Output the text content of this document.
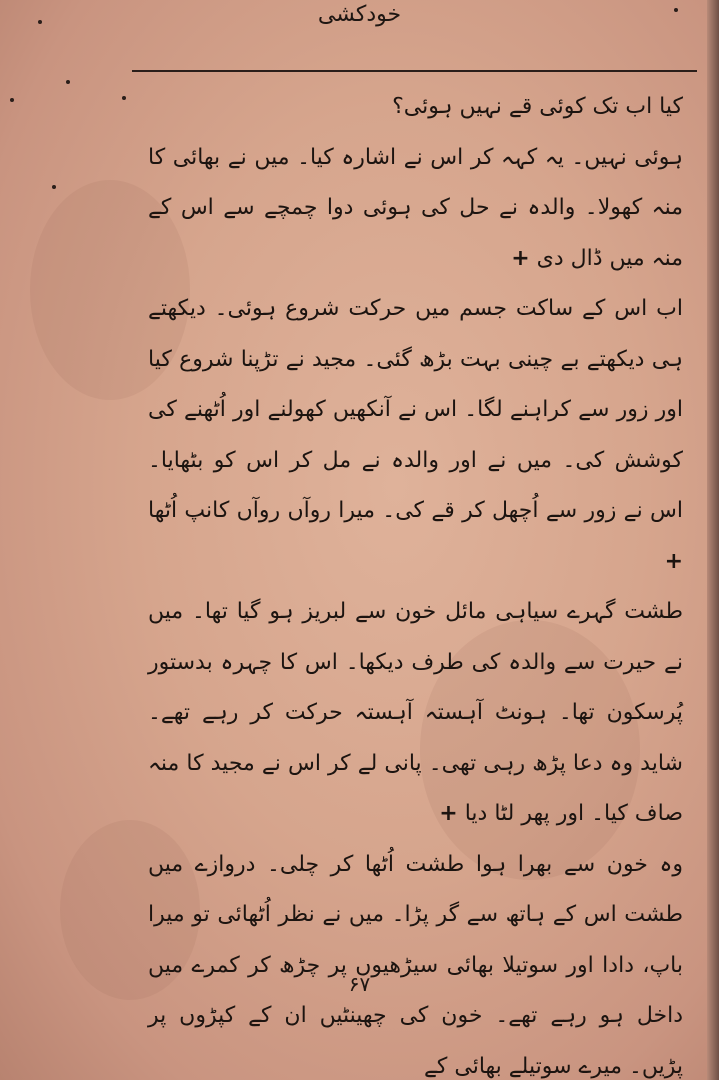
خودکشی

کیا اب تک کوئی قے نہیں ہوئی؟

ہوئی نہیں۔ یہ کہہ کر اس نے اشارہ کیا۔ میں نے بھائی کا منہ کھولا۔ والدہ نے حل کی ہوئی دوا چمچے سے اس کے منہ میں ڈال دی +

اب اس کے ساکت جسم میں حرکت شروع ہوئی۔ دیکھتے ہی دیکھتے بے چینی بہت بڑھ گئی۔ مجید نے تڑپنا شروع کیا اور زور سے کراہنے لگا۔ اس نے آنکھیں کھولنے اور اُٹھنے کی کوشش کی۔ میں نے اور والدہ نے مل کر اس کو بٹھایا۔ اس نے زور سے اُچھل کر قے کی۔ میرا روآں روآں کانپ اُٹھا +

طشت گہرے سیاہی مائل خون سے لبریز ہو گیا تھا۔ میں نے حیرت سے والدہ کی طرف دیکھا۔ اس کا چہرہ بدستور پُرسکون تھا۔ ہونٹ آہستہ آہستہ حرکت کر رہے تھے۔ شاید وہ دعا پڑھ رہی تھی۔ پانی لے کر اس نے مجید کا منہ صاف کیا۔ اور پھر لٹا دیا +

وہ خون سے بھرا ہوا طشت اُٹھا کر چلی۔ دروازے میں طشت اس کے ہاتھ سے گر پڑا۔ میں نے نظر اُٹھائی تو میرا باپ، دادا اور سوتیلا بھائی سیڑھیوں پر چڑھ کر کمرے میں داخل ہو رہے تھے۔ خون کی چھینٹیں ان کے کپڑوں پر پڑیں۔ میرے سوتیلے بھائی کے

۶۷
